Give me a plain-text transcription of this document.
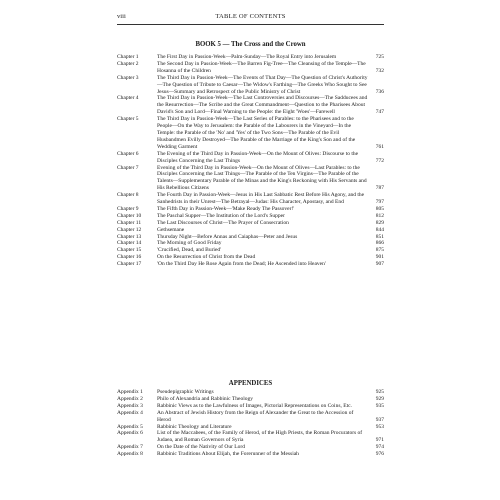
viii	TABLE OF CONTENTS
BOOK 5 — The Cross and the Crown
Chapter 1	The First Day in Passion-Week—Palm-Sunday—The Royal Entry into Jerusalem	725
Chapter 2	The Second Day in Passion-Week—The Barren Fig-Tree—The Cleansing of the Temple—The Hosanna of the Children	732
Chapter 3	The Third Day in Passion-Week—The Events of That Day—The Question of Christ's Authority—The Question of Tribute to Caesar—The Widow's Farthing—The Greeks Who Sought to See Jesus—Summary and Retrospect of the Public Ministry of Christ	736
Chapter 4	The Third Day in Passion-Week—The Last Controversies and Discourses—The Sadducees and the Resurrection—The Scribe and the Great Commandment—Question to the Pharisees About David's Son and Lord—Final Warning to the People: the Eight 'Woes'—Farewell	747
Chapter 5	The Third Day in Passion-Week—The Last Series of Parables: to the Pharisees and to the People—On the Way to Jerusalem: the Parable of the Labourers in the Vineyard—In the Temple: the Parable of the 'No' and 'Yes' of the Two Sons—The Parable of the Evil Husbandmen Evilly Destroyed—The Parable of the Marriage of the King's Son and of the Wedding Garment	761
Chapter 6	The Evening of the Third Day in Passion-Week—On the Mount of Olives: Discourse to the Disciples Concerning the Last Things	772
Chapter 7	Evening of the Third Day in Passion-Week—On the Mount of Olives—Last Parables: to the Disciples Concerning the Last Things—The Parable of the Ten Virgins—The Parable of the Talents—Supplementary Parable of the Minas and the King's Reckoning with His Servants and His Rebellious Citizens	787
Chapter 8	The Fourth Day in Passion-Week—Jesus in His Last Sabbatic Rest Before His Agony, and the Sanhedrists in their Unrest—The Betrayal—Judas: His Character, Apostasy, and End	797
Chapter 9	The Fifth Day in Passion-Week—'Make Ready The Passover!'	805
Chapter 10	The Paschal Supper—The Institution of the Lord's Supper	812
Chapter 11	The Last Discourses of Christ—The Prayer of Consecration	829
Chapter 12	Gethsemane	844
Chapter 13	Thursday Night—Before Annas and Caiaphas—Peter and Jesus	851
Chapter 14	The Morning of Good Friday	866
Chapter 15	'Crucified, Dead, and Buried'	875
Chapter 16	On the Resurrection of Christ from the Dead	901
Chapter 17	'On the Third Day He Rose Again from the Dead; He Ascended into Heaven'	907
APPENDICES
Appendix 1	Pseudepigraphic Writings	925
Appendix 2	Philo of Alexandria and Rabbinic Theology	929
Appendix 3	Rabbinic Views as to the Lawfulness of Images, Pictorial Representations on Coins, Etc.	935
Appendix 4	An Abstract of Jewish History from the Reign of Alexander the Great to the Accession of Herod	937
Appendix 5	Rabbinic Theology and Literature	953
Appendix 6	List of the Maccabees, of the Family of Herod, of the High Priests, the Roman Procurators of Judaea, and Roman Governors of Syria	971
Appendix 7	On the Date of the Nativity of Our Lord	974
Appendix 8	Rabbinic Traditions About Elijah, the Forerunner of the Messiah	976
